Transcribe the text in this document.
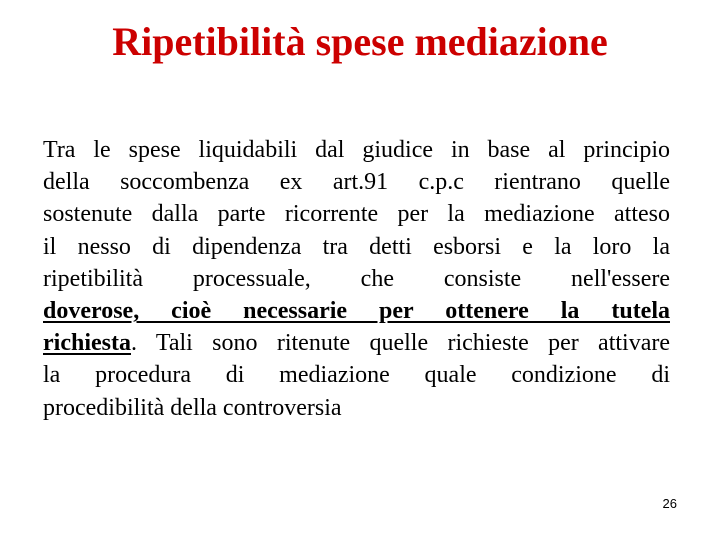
Ripetibilità spese mediazione
Tra le spese liquidabili dal giudice in base al principio
della soccombenza ex art.91 c.p.c rientrano quelle
sostenute dalla parte ricorrente per la mediazione atteso
il nesso di dipendenza tra detti esborsi e la loro la
ripetibilità processuale, che consiste nell'essere
doverose, cioè necessarie per ottenere la tutela
richiesta. Tali sono ritenute quelle richieste per attivare
la procedura di mediazione quale condizione di
procedibilità della controversia
26
